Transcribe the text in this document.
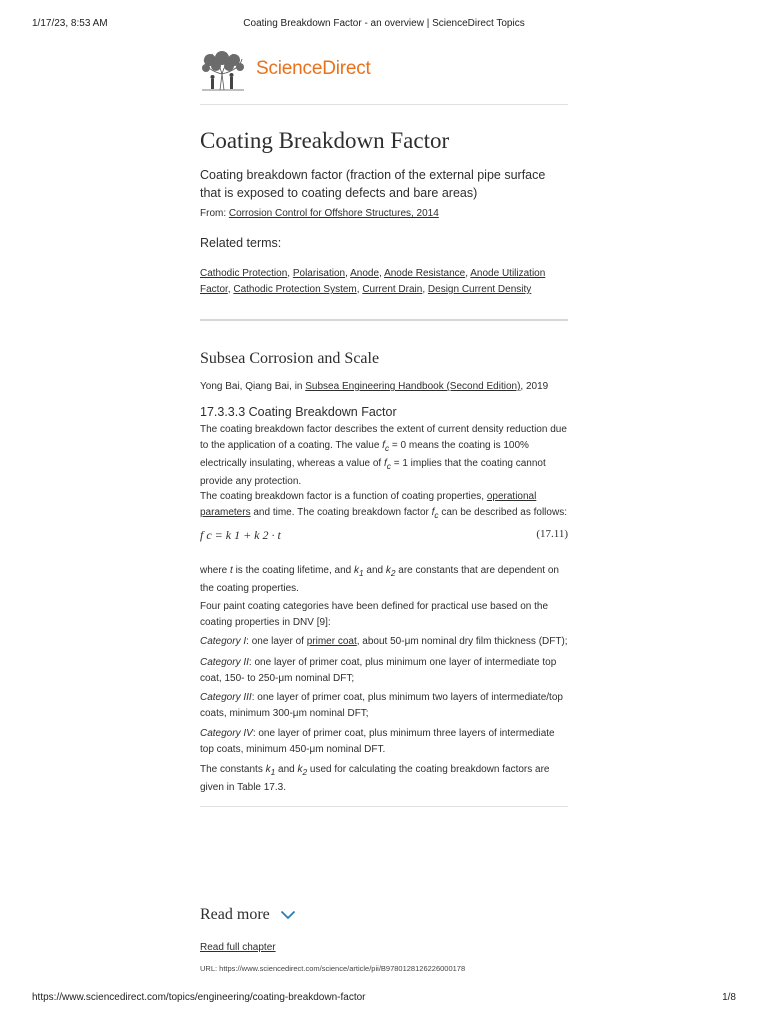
1/17/23, 8:53 AM	Coating Breakdown Factor - an overview | ScienceDirect Topics
ScienceDirect
Coating Breakdown Factor
Coating breakdown factor (fraction of the external pipe surface that is exposed to coating defects and bare areas)
From: Corrosion Control for Offshore Structures, 2014
Related terms:
Cathodic Protection, Polarisation, Anode, Anode Resistance, Anode Utilization Factor, Cathodic Protection System, Current Drain, Design Current Density
Subsea Corrosion and Scale
Yong Bai, Qiang Bai, in Subsea Engineering Handbook (Second Edition), 2019
17.3.3.3 Coating Breakdown Factor
The coating breakdown factor describes the extent of current density reduction due to the application of a coating. The value $f_c = 0$ means the coating is 100% electrically insulating, whereas a value of $f_c = 1$ implies that the coating cannot provide any protection.
The coating breakdown factor is a function of coating properties, operational parameters and time. The coating breakdown factor $f_c$ can be described as follows:
f c = k 1 + k 2 · t	(17.11)
where t is the coating lifetime, and $k_1$ and $k_2$ are constants that are dependent on the coating properties.
Four paint coating categories have been defined for practical use based on the coating properties in DNV [9]:
Category I: one layer of primer coat, about 50-μm nominal dry film thickness (DFT);
Category II: one layer of primer coat, plus minimum one layer of intermediate top coat, 150- to 250-μm nominal DFT;
Category III: one layer of primer coat, plus minimum two layers of intermediate/top coats, minimum 300-μm nominal DFT;
Category IV: one layer of primer coat, plus minimum three layers of intermediate top coats, minimum 450-μm nominal DFT.
The constants $k_1$ and $k_2$ used for calculating the coating breakdown factors are given in Table 17.3.
Read more
Read full chapter
URL: https://www.sciencedirect.com/science/article/pii/B9780128126226000178
https://www.sciencedirect.com/topics/engineering/coating-breakdown-factor	1/8
